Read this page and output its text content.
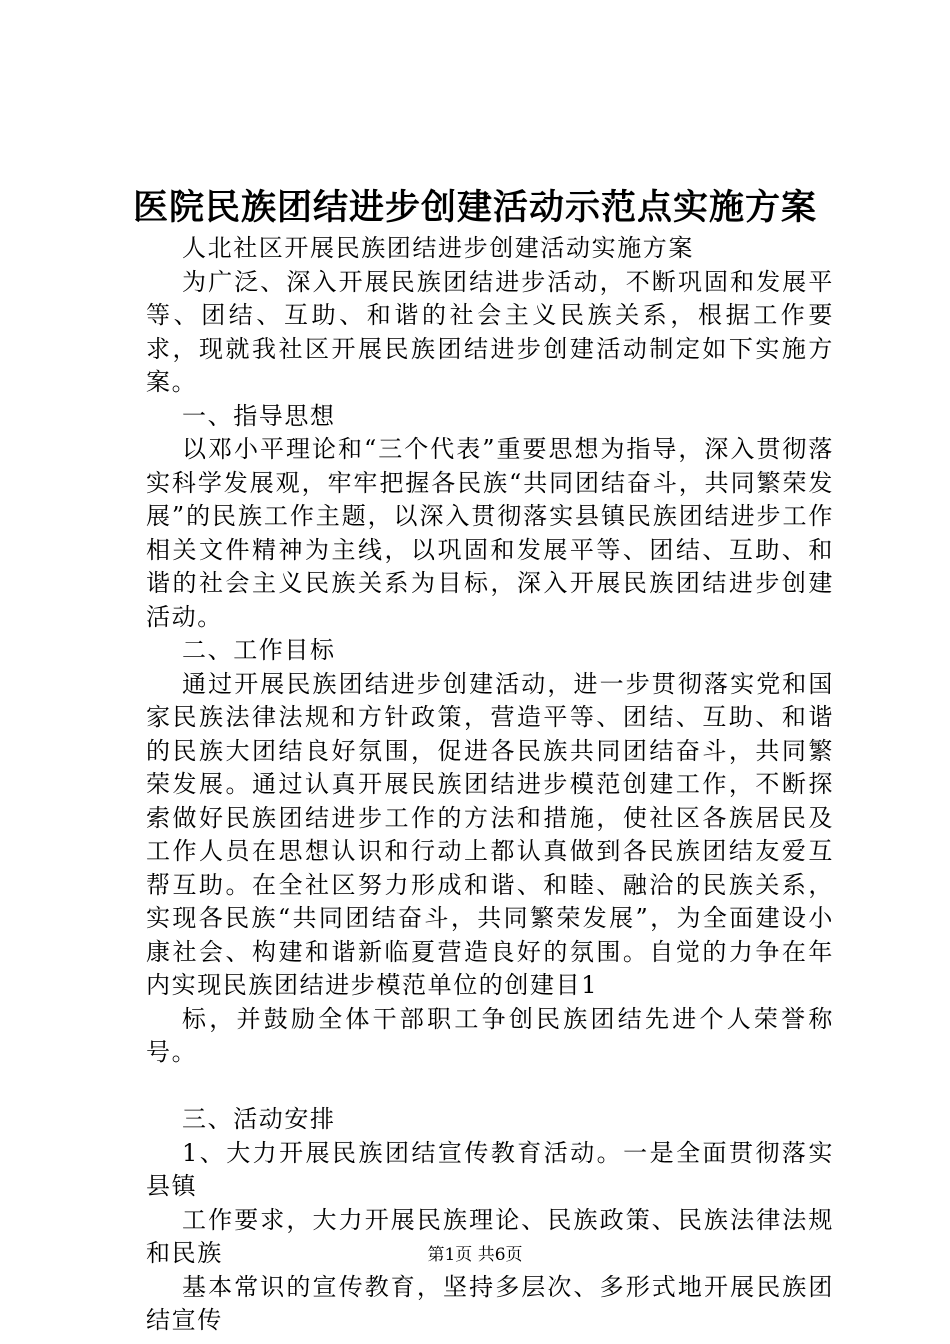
医院民族团结进步创建活动示范点实施方案

人北社区开展民族团结进步创建活动实施方案

为广泛、深入开展民族团结进步活动，不断巩固和发展平等、团结、互助、和谐的社会主义民族关系，根据工作要求，现就我社区开展民族团结进步创建活动制定如下实施方案。

一、指导思想

以邓小平理论和“三个代表”重要思想为指导，深入贯彻落实科学发展观，牢牢把握各民族“共同团结奋斗，共同繁荣发展”的民族工作主题，以深入贯彻落实县镇民族团结进步工作相关文件精神为主线，以巩固和发展平等、团结、互助、和谐的社会主义民族关系为目标，深入开展民族团结进步创建活动。

二、工作目标

通过开展民族团结进步创建活动，进一步贯彻落实党和国家民族法律法规和方针政策，营造平等、团结、互助、和谐的民族大团结良好氛围，促进各民族共同团结奋斗，共同繁荣发展。通过认真开展民族团结进步模范创建工作，不断探索做好民族团结进步工作的方法和措施，使社区各族居民及工作人员在思想认识和行动上都认真做到各民族团结友爱互帮互助。在全社区努力形成和谐、和睦、融洽的民族关系，实现各民族“共同团结奋斗，共同繁荣发展”，为全面建设小康社会、构建和谐新临夏营造良好的氛围。自觉的力争在年内实现民族团结进步模范单位的创建目1

标，并鼓励全体干部职工争创民族团结先进个人荣誉称号。

三、活动安排

1、大力开展民族团结宣传教育活动。一是全面贯彻落实县镇

工作要求，大力开展民族理论、民族政策、民族法律法规和民族

基本常识的宣传教育，坚持多层次、多形式地开展民族团结宣传

第1页 共6页
